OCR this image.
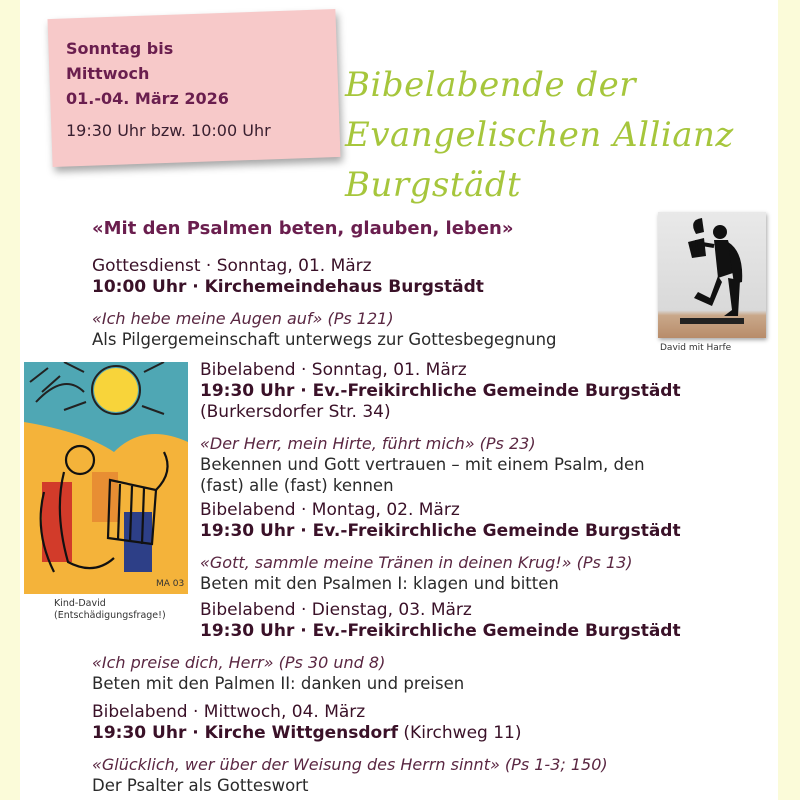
Sonntag bis
Mittwoch
01.-04. März 2026
19:30 Uhr bzw. 10:00 Uhr
Bibelabende der
Evangelischen Allianz
Burgstädt
«Mit den Psalmen beten, glauben, leben»
David mit Harfe
MA 03
Kind-David
(Entschädigungsfrage!)
Gottesdienst · Sonntag, 01. März
10:00 Uhr · Kirchemeindehaus Burgstädt
«Ich hebe meine Augen auf» (Ps 121)
Als Pilgergemeinschaft unterwegs zur Gottesbegegnung
Bibelabend · Sonntag, 01. März
19:30 Uhr · Ev.-Freikirchliche Gemeinde Burgstädt
(Burkersdorfer Str. 34)
«Der Herr, mein Hirte, führt mich» (Ps 23)
Bekennen und Gott vertrauen – mit einem Psalm, den
(fast) alle (fast) kennen
Bibelabend · Montag, 02. März
19:30 Uhr · Ev.-Freikirchliche Gemeinde Burgstädt
«Gott, sammle meine Tränen in deinen Krug!» (Ps 13)
Beten mit den Psalmen I: klagen und bitten
Bibelabend · Dienstag, 03. März
19:30 Uhr · Ev.-Freikirchliche Gemeinde Burgstädt
«Ich preise dich, Herr» (Ps 30 und 8)
Beten mit den Palmen II: danken und preisen
Bibelabend · Mittwoch, 04. März
19:30 Uhr · Kirche Wittgensdorf (Kirchweg 11)
«Glücklich, wer über der Weisung des Herrn sinnt» (Ps 1-3; 150)
Der Psalter als Gotteswort
